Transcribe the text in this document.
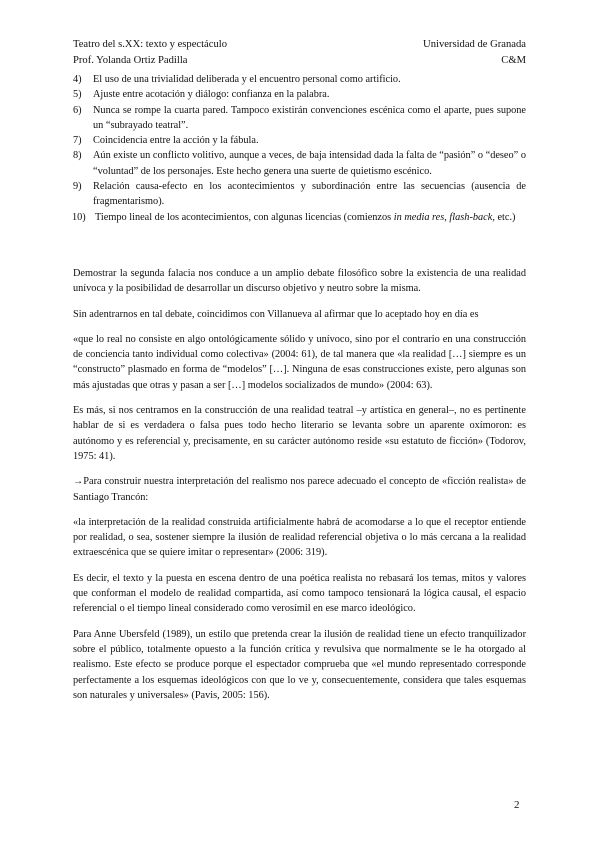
Teatro del s.XX: texto y espectáculo	Universidad de Granada
Prof. Yolanda Ortiz Padilla	C&M
4) El uso de una trivialidad deliberada y el encuentro personal como artificio.
5) Ajuste entre acotación y diálogo: confianza en la palabra.
6) Nunca se rompe la cuarta pared. Tampoco existirán convenciones escénica como el aparte, pues supone un “subrayado teatral”.
7) Coincidencia entre la acción y la fábula.
8) Aún existe un conflicto volitivo, aunque a veces, de baja intensidad dada la falta de “pasión” o “deseo” o “voluntad” de los personajes. Este hecho genera una suerte de quietismo escénico.
9) Relación causa-efecto en los acontecimientos y subordinación entre las secuencias (ausencia de fragmentarismo).
10) Tiempo lineal de los acontecimientos, con algunas licencias (comienzos in media res, flash-back, etc.)

Demostrar la segunda falacia nos conduce a un amplio debate filosófico sobre la existencia de una realidad unívoca y la posibilidad de desarrollar un discurso objetivo y neutro sobre la misma.

Sin adentrarnos en tal debate, coincidimos con Villanueva al afirmar que lo aceptado hoy en día es

«que lo real no consiste en algo ontológicamente sólido y unívoco, sino por el contrario en una construcción de conciencia tanto individual como colectiva» (2004: 61), de tal manera que «la realidad […] siempre es un “constructo” plasmado en forma de “modelos” […]. Ninguna de esas construcciones existe, pero algunas son más ajustadas que otras y pasan a ser […] modelos socializados de mundo» (2004: 63).

Es más, si nos centramos en la construcción de una realidad teatral –y artística en general–, no es pertinente hablar de si es verdadera o falsa pues todo hecho literario se levanta sobre un aparente oxímoron: es autónomo y es referencial y, precisamente, en su carácter autónomo reside «su estatuto de ficción» (Todorov, 1975: 41).

→Para construir nuestra interpretación del realismo nos parece adecuado el concepto de «ficción realista» de Santiago Trancón:

«la interpretación de la realidad construida artificialmente habrá de acomodarse a lo que el receptor entiende por realidad, o sea, sostener siempre la ilusión de realidad referencial objetiva o lo más cercana a la realidad extraescénica que se quiere imitar o representar» (2006: 319).

Es decir, el texto y la puesta en escena dentro de una poética realista no rebasará los temas, mitos y valores que conforman el modelo de realidad compartida, así como tampoco tensionará la lógica causal, el espacio referencial o el tiempo lineal considerado como verosímil en ese marco ideológico.

Para Anne Ubersfeld (1989), un estilo que pretenda crear la ilusión de realidad tiene un efecto tranquilizador sobre el público, totalmente opuesto a la función crítica y revulsiva que normalmente se le ha otorgado al realismo. Este efecto se produce porque el espectador comprueba que «el mundo representado corresponde perfectamente a los esquemas ideológicos con que lo ve y, consecuentemente, considera que tales esquemas son naturales y universales» (Pavis, 2005: 156).

2
